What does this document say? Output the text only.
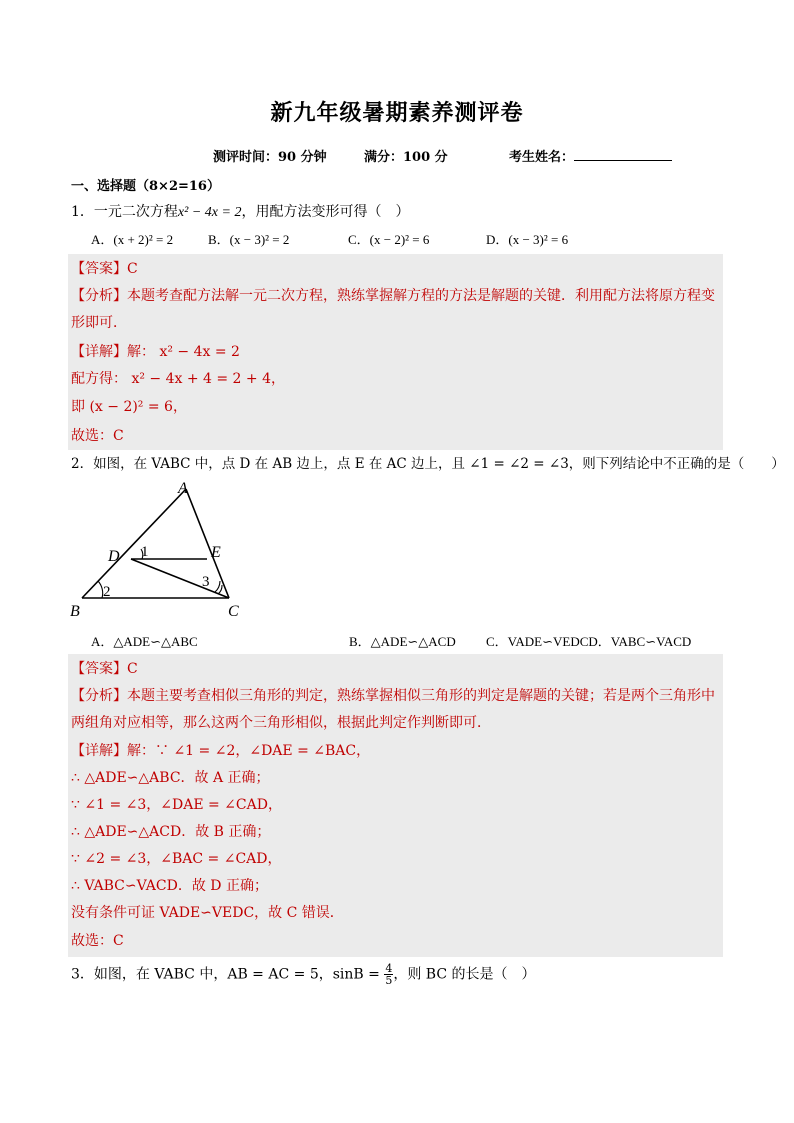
新九年级暑期素养测评卷
测评时间：90 分钟	满分：100 分	考生姓名：
一、选择题（8×2=16）
1．一元二次方程x² − 4x = 2，用配方法变形可得（　）
A．(x + 2)² = 2	B．(x − 3)² = 2	C．(x − 2)² = 6	D．(x − 3)² = 6
【答案】C
【分析】本题考查配方法解一元二次方程，熟练掌握解方程的方法是解题的关键．利用配方法将原方程变
形即可．
【详解】解： x² − 4x = 2
配方得： x² − 4x + 4 = 2 + 4，
即 (x − 2)² = 6，
故选：C
2．如图，在 VABC 中，点 D 在 AB 边上，点 E 在 AC 边上，且 ∠1 = ∠2 = ∠3，则下列结论中不正确的是（　　）
A
B	C
D	E
1
2
3
A．△ADE∽△ABC	B．△ADE∽△ACD C．VADE∽VEDCD．VABC∽VACD
【答案】C
【分析】本题主要考查相似三角形的判定，熟练掌握相似三角形的判定是解题的关键；若是两个三角形中
两组角对应相等，那么这两个三角形相似，根据此判定作判断即可．
【详解】解：∵ ∠1 = ∠2，∠DAE = ∠BAC，
∴ △ADE∽△ABC．故 A 正确；
∵ ∠1 = ∠3，∠DAE = ∠CAD，
∴ △ADE∽△ACD．故 B 正确；
∵ ∠2 = ∠3，∠BAC = ∠CAD，
∴ VABC∽VACD．故 D 正确；
没有条件可证 VADE∽VEDC，故 C 错误．
故选：C
3．如图，在 VABC 中，AB = AC = 5，$\sin B = \frac{4}{5}$ ，则 BC 的长是（　）
